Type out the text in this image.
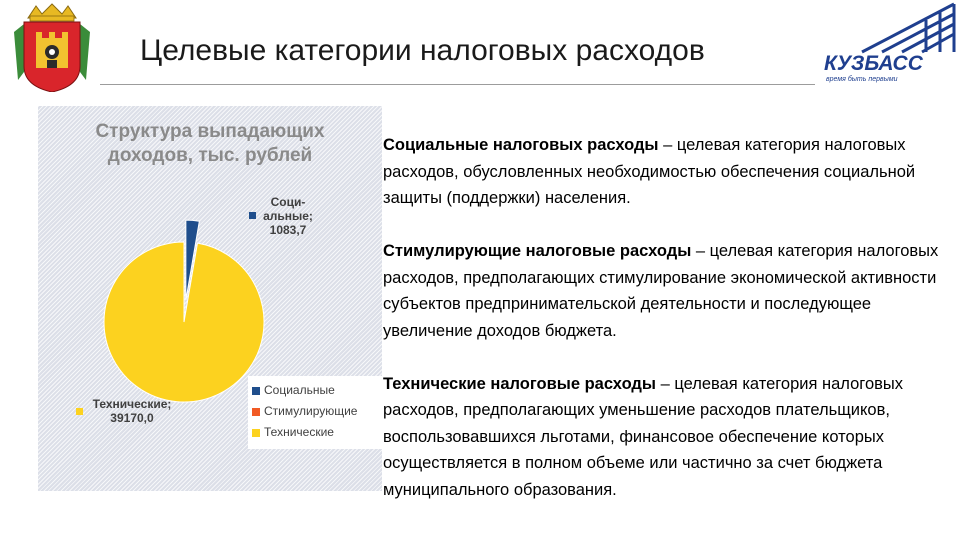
Целевые категории налоговых расходов	КУЗБАСС
время быть первыми
Соци-альные; 1083,7
Технические; 39170,0
Структура выпадающих
доходов, тыс. рублей
Социальные
Стимулирующие
Технические

Социальные налоговых расходы – целевая категория налоговых расходов, обусловленных необходимостью обеспечения социальной защиты (поддержки) населения.

Стимулирующие налоговые расходы – целевая категория налоговых расходов, предполагающих стимулирование экономической активности субъектов предпринимательской деятельности и последующее увеличение доходов бюджета.

Технические налоговые расходы – целевая категория налоговых расходов, предполагающих уменьшение расходов плательщиков, воспользовавшихся льготами, финансовое обеспечение которых осуществляется в полном объеме или частично за счет бюджета муниципального образования.
